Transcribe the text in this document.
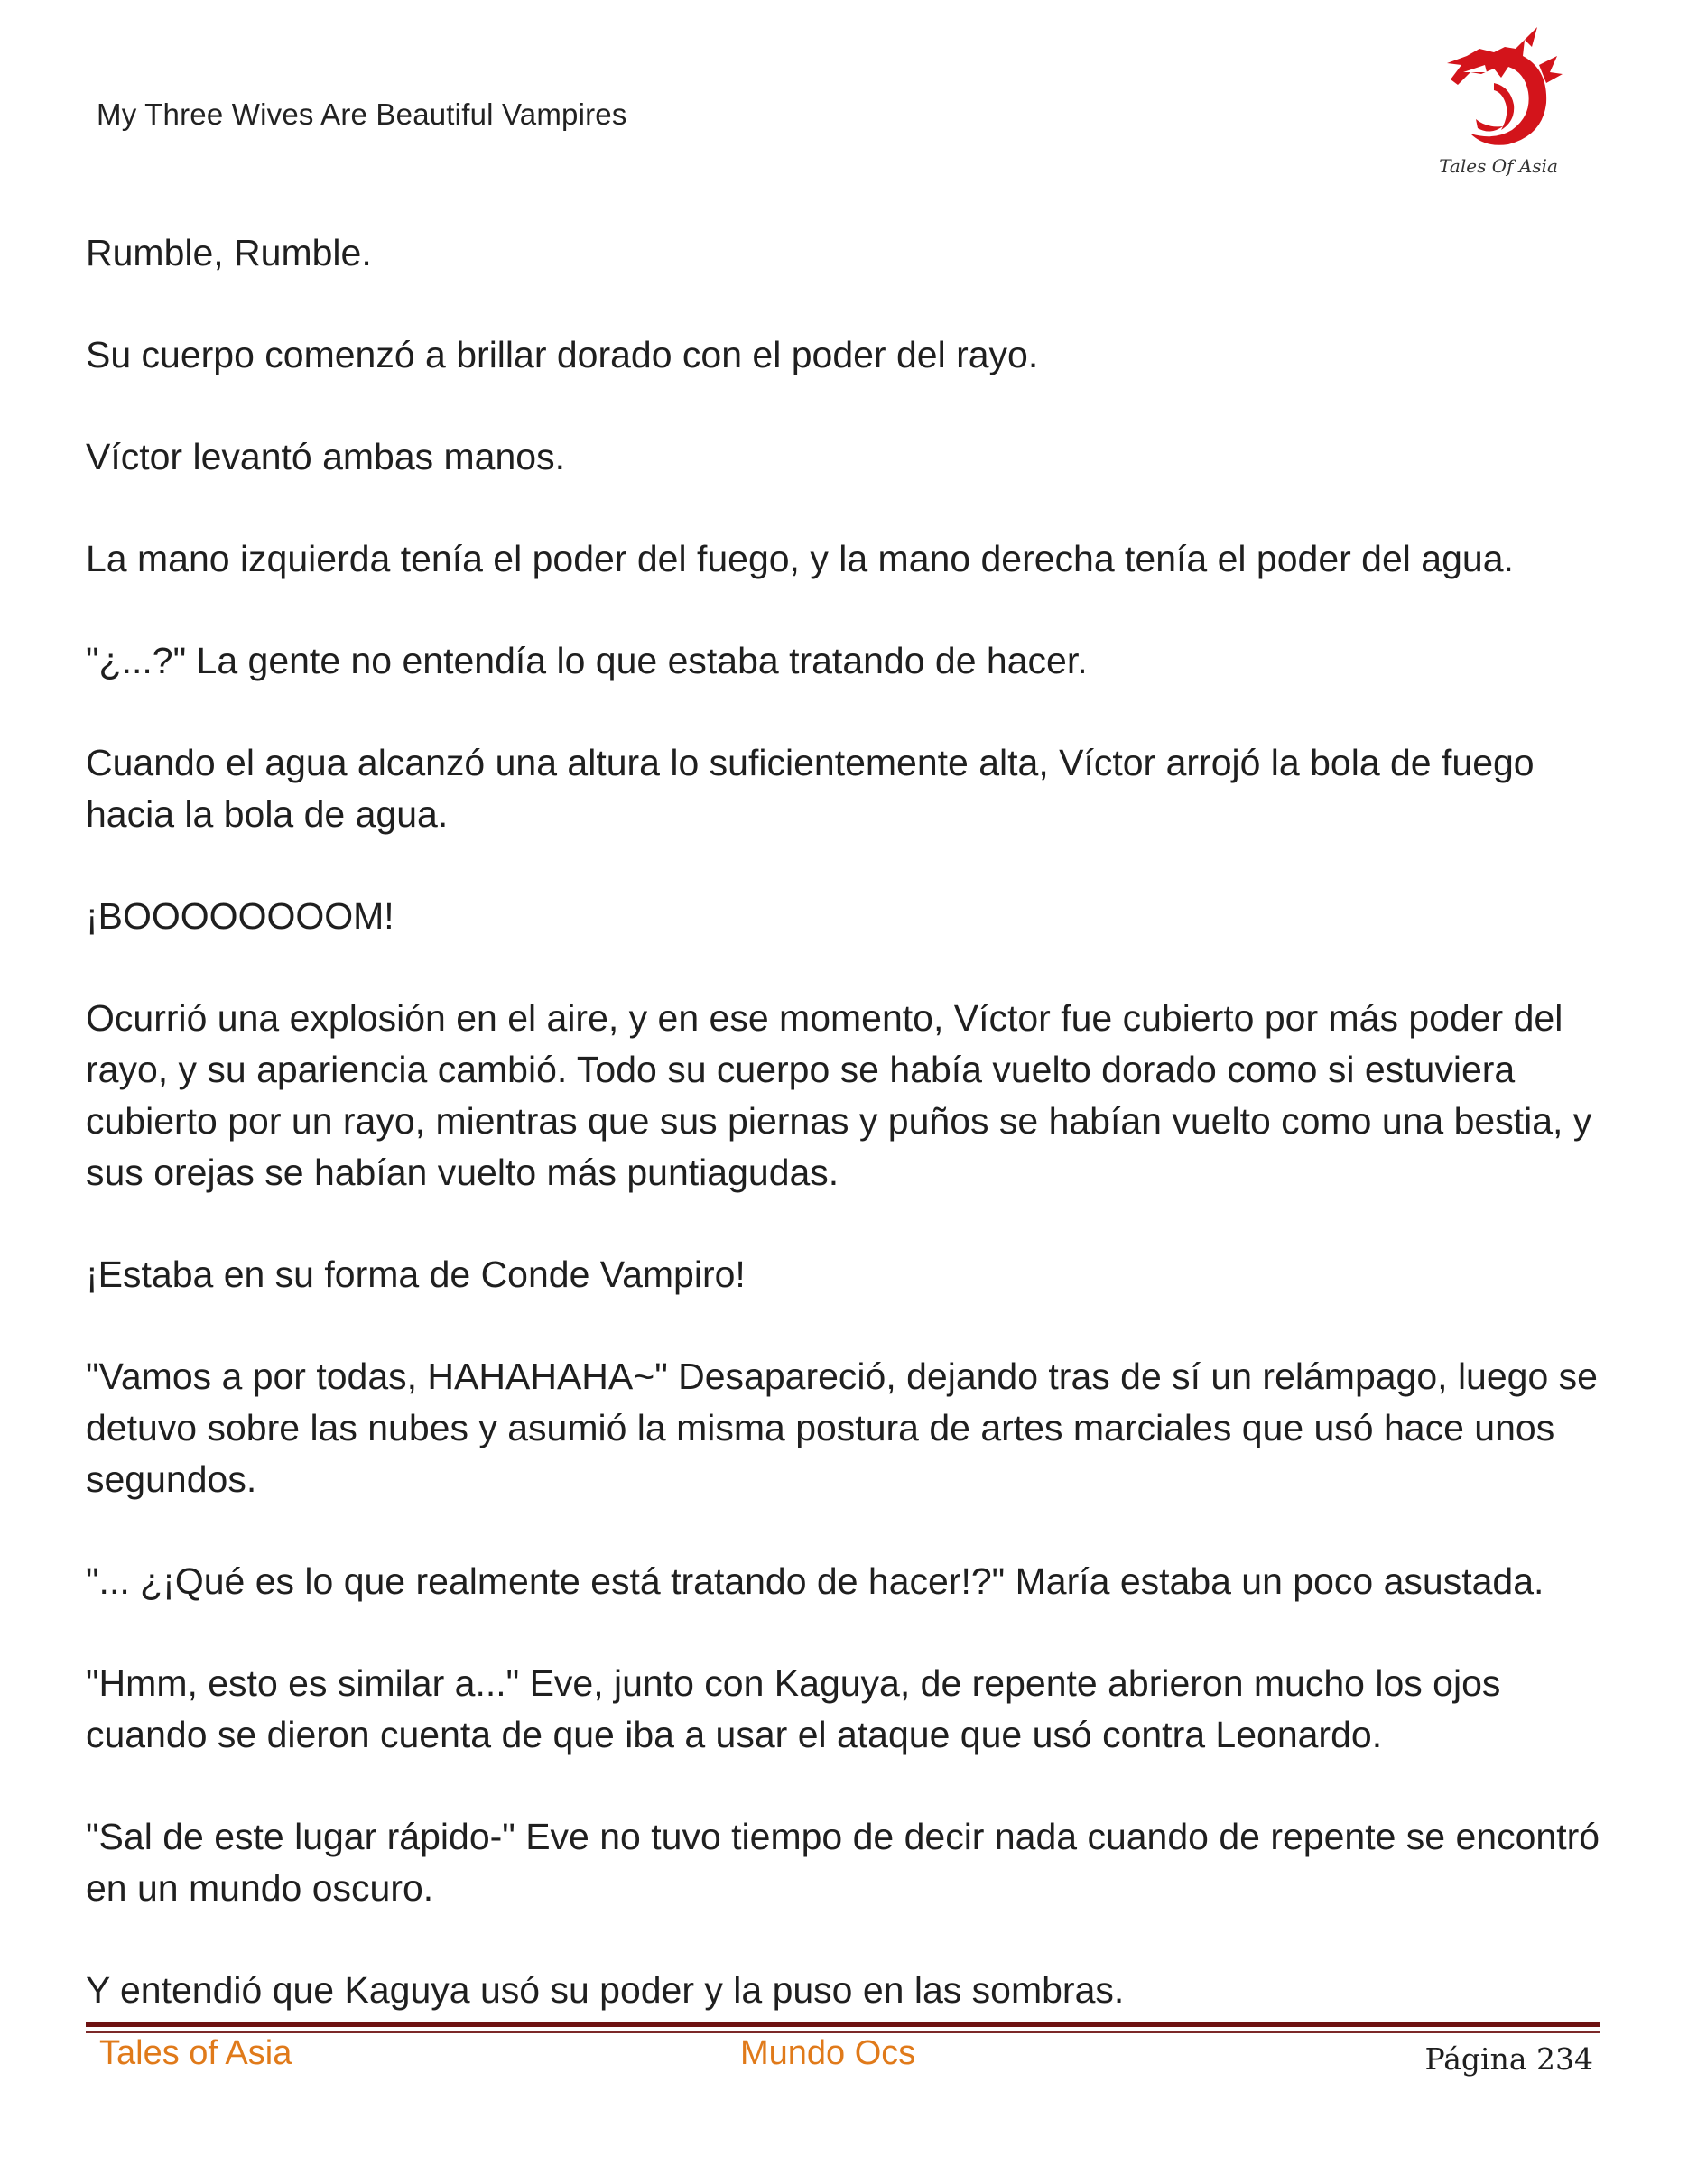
My Three Wives Are Beautiful Vampires
Tales Of Asia

Rumble, Rumble.

Su cuerpo comenzó a brillar dorado con el poder del rayo.

Víctor levantó ambas manos.

La mano izquierda tenía el poder del fuego, y la mano derecha tenía el poder del agua.

"¿...?" La gente no entendía lo que estaba tratando de hacer.

Cuando el agua alcanzó una altura lo suficientemente alta, Víctor arrojó la bola de fuego hacia la bola de agua.

¡BOOOOOOOOM!

Ocurrió una explosión en el aire, y en ese momento, Víctor fue cubierto por más poder del rayo, y su apariencia cambió. Todo su cuerpo se había vuelto dorado como si estuviera cubierto por un rayo, mientras que sus piernas y puños se habían vuelto como una bestia, y sus orejas se habían vuelto más puntiagudas.

¡Estaba en su forma de Conde Vampiro!

"Vamos a por todas, HAHAHAHA~" Desapareció, dejando tras de sí un relámpago, luego se detuvo sobre las nubes y asumió la misma postura de artes marciales que usó hace unos segundos.

"... ¿¡Qué es lo que realmente está tratando de hacer!?" María estaba un poco asustada.

"Hmm, esto es similar a..." Eve, junto con Kaguya, de repente abrieron mucho los ojos cuando se dieron cuenta de que iba a usar el ataque que usó contra Leonardo.

"Sal de este lugar rápido-" Eve no tuvo tiempo de decir nada cuando de repente se encontró en un mundo oscuro.

Y entendió que Kaguya usó su poder y la puso en las sombras.

Tales of Asia	Mundo Ocs	Página 234
